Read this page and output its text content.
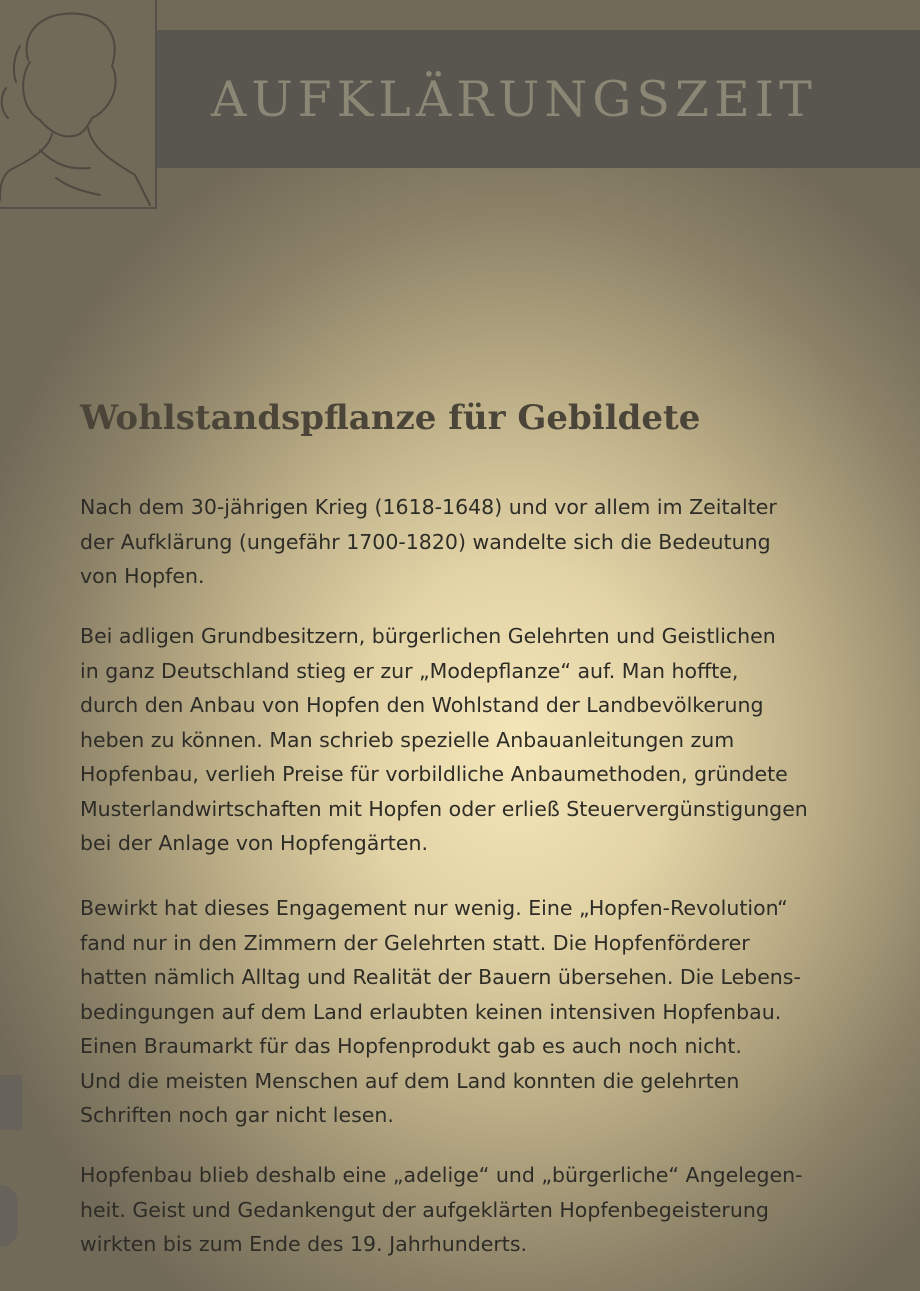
AUFKLÄRUNGSZEIT
Wohlstandspflanze für Gebildete

Nach dem 30-jährigen Krieg (1618-1648) und vor allem im Zeitalter
der Aufklärung (ungefähr 1700-1820) wandelte sich die Bedeutung
von Hopfen.

Bei adligen Grundbesitzern, bürgerlichen Gelehrten und Geistlichen
in ganz Deutschland stieg er zur „Modepflanze“ auf. Man hoffte,
durch den Anbau von Hopfen den Wohlstand der Landbevölkerung
heben zu können. Man schrieb spezielle Anbauanleitungen zum
Hopfenbau, verlieh Preise für vorbildliche Anbaumethoden, gründete
Musterlandwirtschaften mit Hopfen oder erließ Steuervergünstigungen
bei der Anlage von Hopfengärten.

Bewirkt hat dieses Engagement nur wenig. Eine „Hopfen-Revolution“
fand nur in den Zimmern der Gelehrten statt. Die Hopfenförderer
hatten nämlich Alltag und Realität der Bauern übersehen. Die Lebens-
bedingungen auf dem Land erlaubten keinen intensiven Hopfenbau.
Einen Braumarkt für das Hopfenprodukt gab es auch noch nicht.
Und die meisten Menschen auf dem Land konnten die gelehrten
Schriften noch gar nicht lesen.

Hopfenbau blieb deshalb eine „adelige“ und „bürgerliche“ Angelegen-
heit. Geist und Gedankengut der aufgeklärten Hopfenbegeisterung
wirkten bis zum Ende des 19. Jahrhunderts.
